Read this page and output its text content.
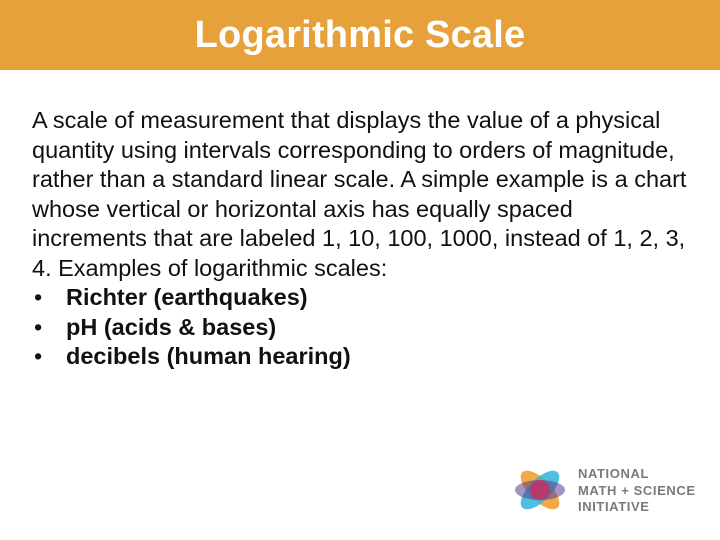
Logarithmic Scale

A scale of measurement that displays the value of a physical quantity using intervals corresponding to orders of magnitude, rather than a standard linear scale. A simple example is a chart whose vertical or horizontal axis has equally spaced increments that are labeled 1, 10, 100, 1000, instead of 1, 2, 3, 4. Examples of logarithmic scales:

•	Richter (earthquakes)
•	pH (acids & bases)
•	decibels (human hearing)
NATIONAL
MATH + SCIENCE
INITIATIVE
